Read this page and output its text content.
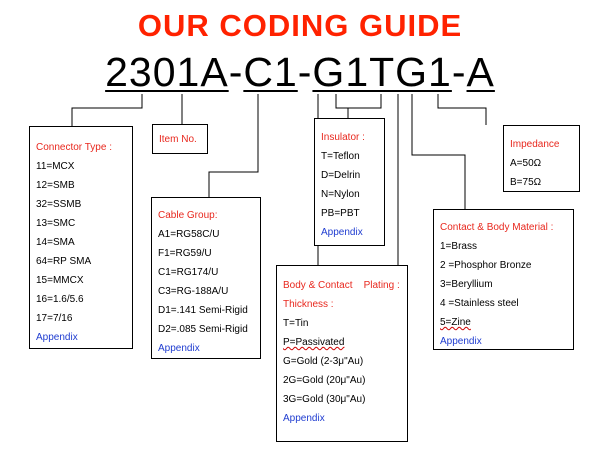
OUR CODING GUIDE
2301A-C1-G1TG1-A
Connector Type :
11=MCX
12=SMB
32=SSMB
13=SMC
14=SMA
64=RP SMA
15=MMCX
16=1.6/5.6
17=7/16
Appendix
Item No.
Cable Group:
A1=RG58C/U
F1=RG59/U
C1=RG174/U
C3=RG-188A/U
D1=.141 Semi-Rigid
D2=.085 Semi-Rigid
Appendix
Insulator :
T=Teflon
D=Delrin
N=Nylon
PB=PBT
Appendix
Body & Contact    Plating :
Thickness :
T=Tin
P=Passivated
G=Gold (2-3μ"Au)
2G=Gold (20μ"Au)
3G=Gold (30μ"Au)
Appendix
Impedance
A=50Ω
B=75Ω
Contact & Body Material :
1=Brass
2 =Phosphor Bronze
3=Beryllium
4 =Stainless steel
5=Zine
Appendix
